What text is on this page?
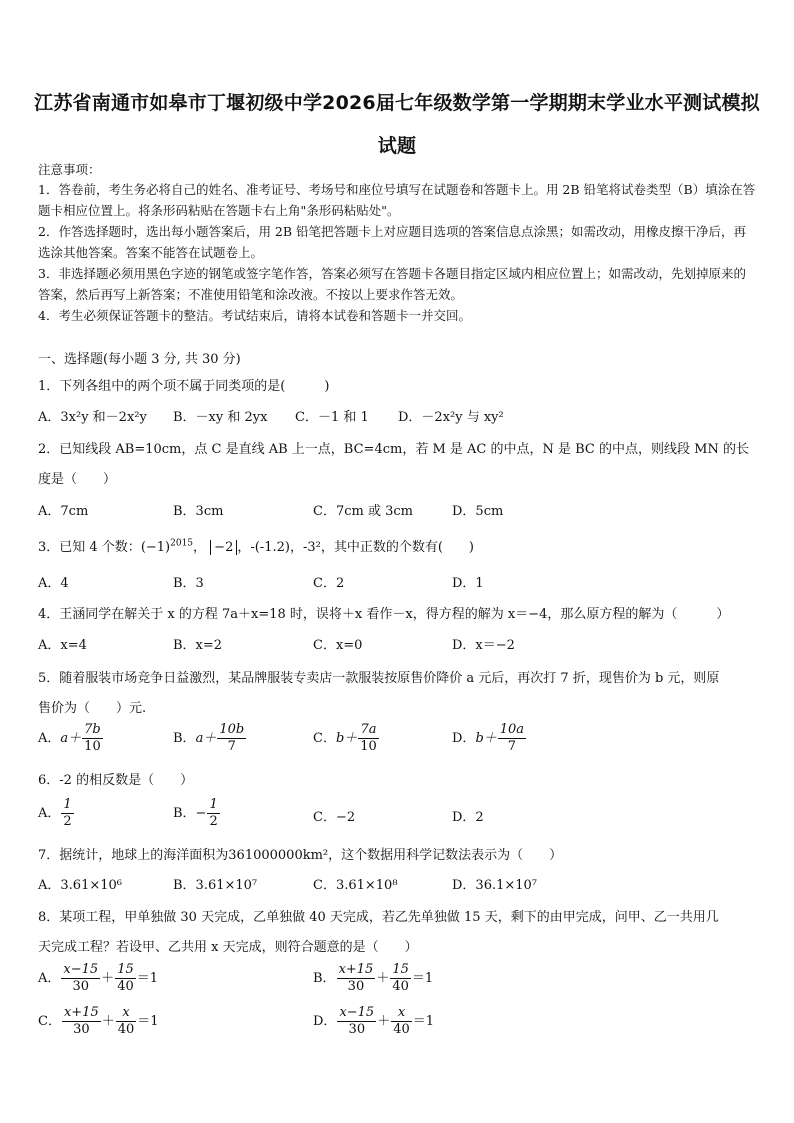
江苏省南通市如皋市丁堰初级中学2026届七年级数学第一学期期末学业水平测试模拟
试题
注意事项：
1．答卷前，考生务必将自己的姓名、准考证号、考场号和座位号填写在试题卷和答题卡上。用 2B 铅笔将试卷类型（B）填涂在答题卡相应位置上。将条形码粘贴在答题卡右上角"条形码粘贴处"。
2．作答选择题时，选出每小题答案后，用 2B 铅笔把答题卡上对应题目选项的答案信息点涂黑；如需改动，用橡皮擦干净后，再选涂其他答案。答案不能答在试题卷上。
3．非选择题必须用黑色字迹的钢笔或签字笔作答，答案必须写在答题卡各题目指定区域内相应位置上；如需改动，先划掉原来的答案，然后再写上新答案；不准使用铅笔和涂改液。不按以上要求作答无效。
4．考生必须保证答题卡的整洁。考试结束后，请将本试卷和答题卡一并交回。
一、选择题(每小题 3 分, 共 30 分)
1．下列各组中的两个项不属于同类项的是(　　　)
A．3x²y 和－2x²y B．－xy 和 2yx C．－1 和 1 D．－2x²y 与 xy²
2．已知线段 AB=10cm，点 C 是直线 AB 上一点，BC=4cm，若 M 是 AC 的中点，N 是 BC 的中点，则线段 MN 的长
度是（　　）
A．7cm	B．3cm	C．7cm 或 3cm	D．5cm
3．已知 4 个数：$(-1)^{2015}$， −2 ，-(-1.2)，-3²，其中正数的个数有(　　)
A．4	B．3	C．2	D．1
4．王涵同学在解关于 x 的方程 7a＋x=18 时，误将＋x 看作－x，得方程的解为 x＝−4，那么原方程的解为（　　　）
A．x=4	B．x=2	C．x=0	D．x＝−2
5．随着服装市场竞争日益激烈，某品牌服装专卖店一款服装按原售价降价 a 元后，再次打 7 折，现售价为 b 元，则原
售价为（　　）元.
A．$a+ \frac{7b}{10}$	B．$a+ \frac{10b}{7}$	C．$b+ \frac{7a}{10}$	D．$b+ \frac{10a}{7}$
6．-2 的相反数是（　　）
A． $\frac{1}{2}$	B．− $\frac{1}{2}$	C．−2	D．2
7．据统计，地球上的海洋面积为361000000km²，这个数据用科学记数法表示为（　　）
A．3.61×10⁶	B．3.61×10⁷	C．3.61×10⁸	D．36.1×10⁷
8．某项工程，甲单独做 30 天完成，乙单独做 40 天完成，若乙先单独做 15 天，剩下的由甲完成，问甲、乙一共用几
天完成工程？若设甲、乙共用 x 天完成，则符合题意的是（　　）
A． $\frac{x-15}{30} + \frac{15}{40} =1$	B． $\frac{x+15}{30} + \frac{15}{40} =1$
C． $\frac{x+15}{30} + \frac{x}{40} =1$	D． $\frac{x-15}{30} + \frac{x}{40} =1$
